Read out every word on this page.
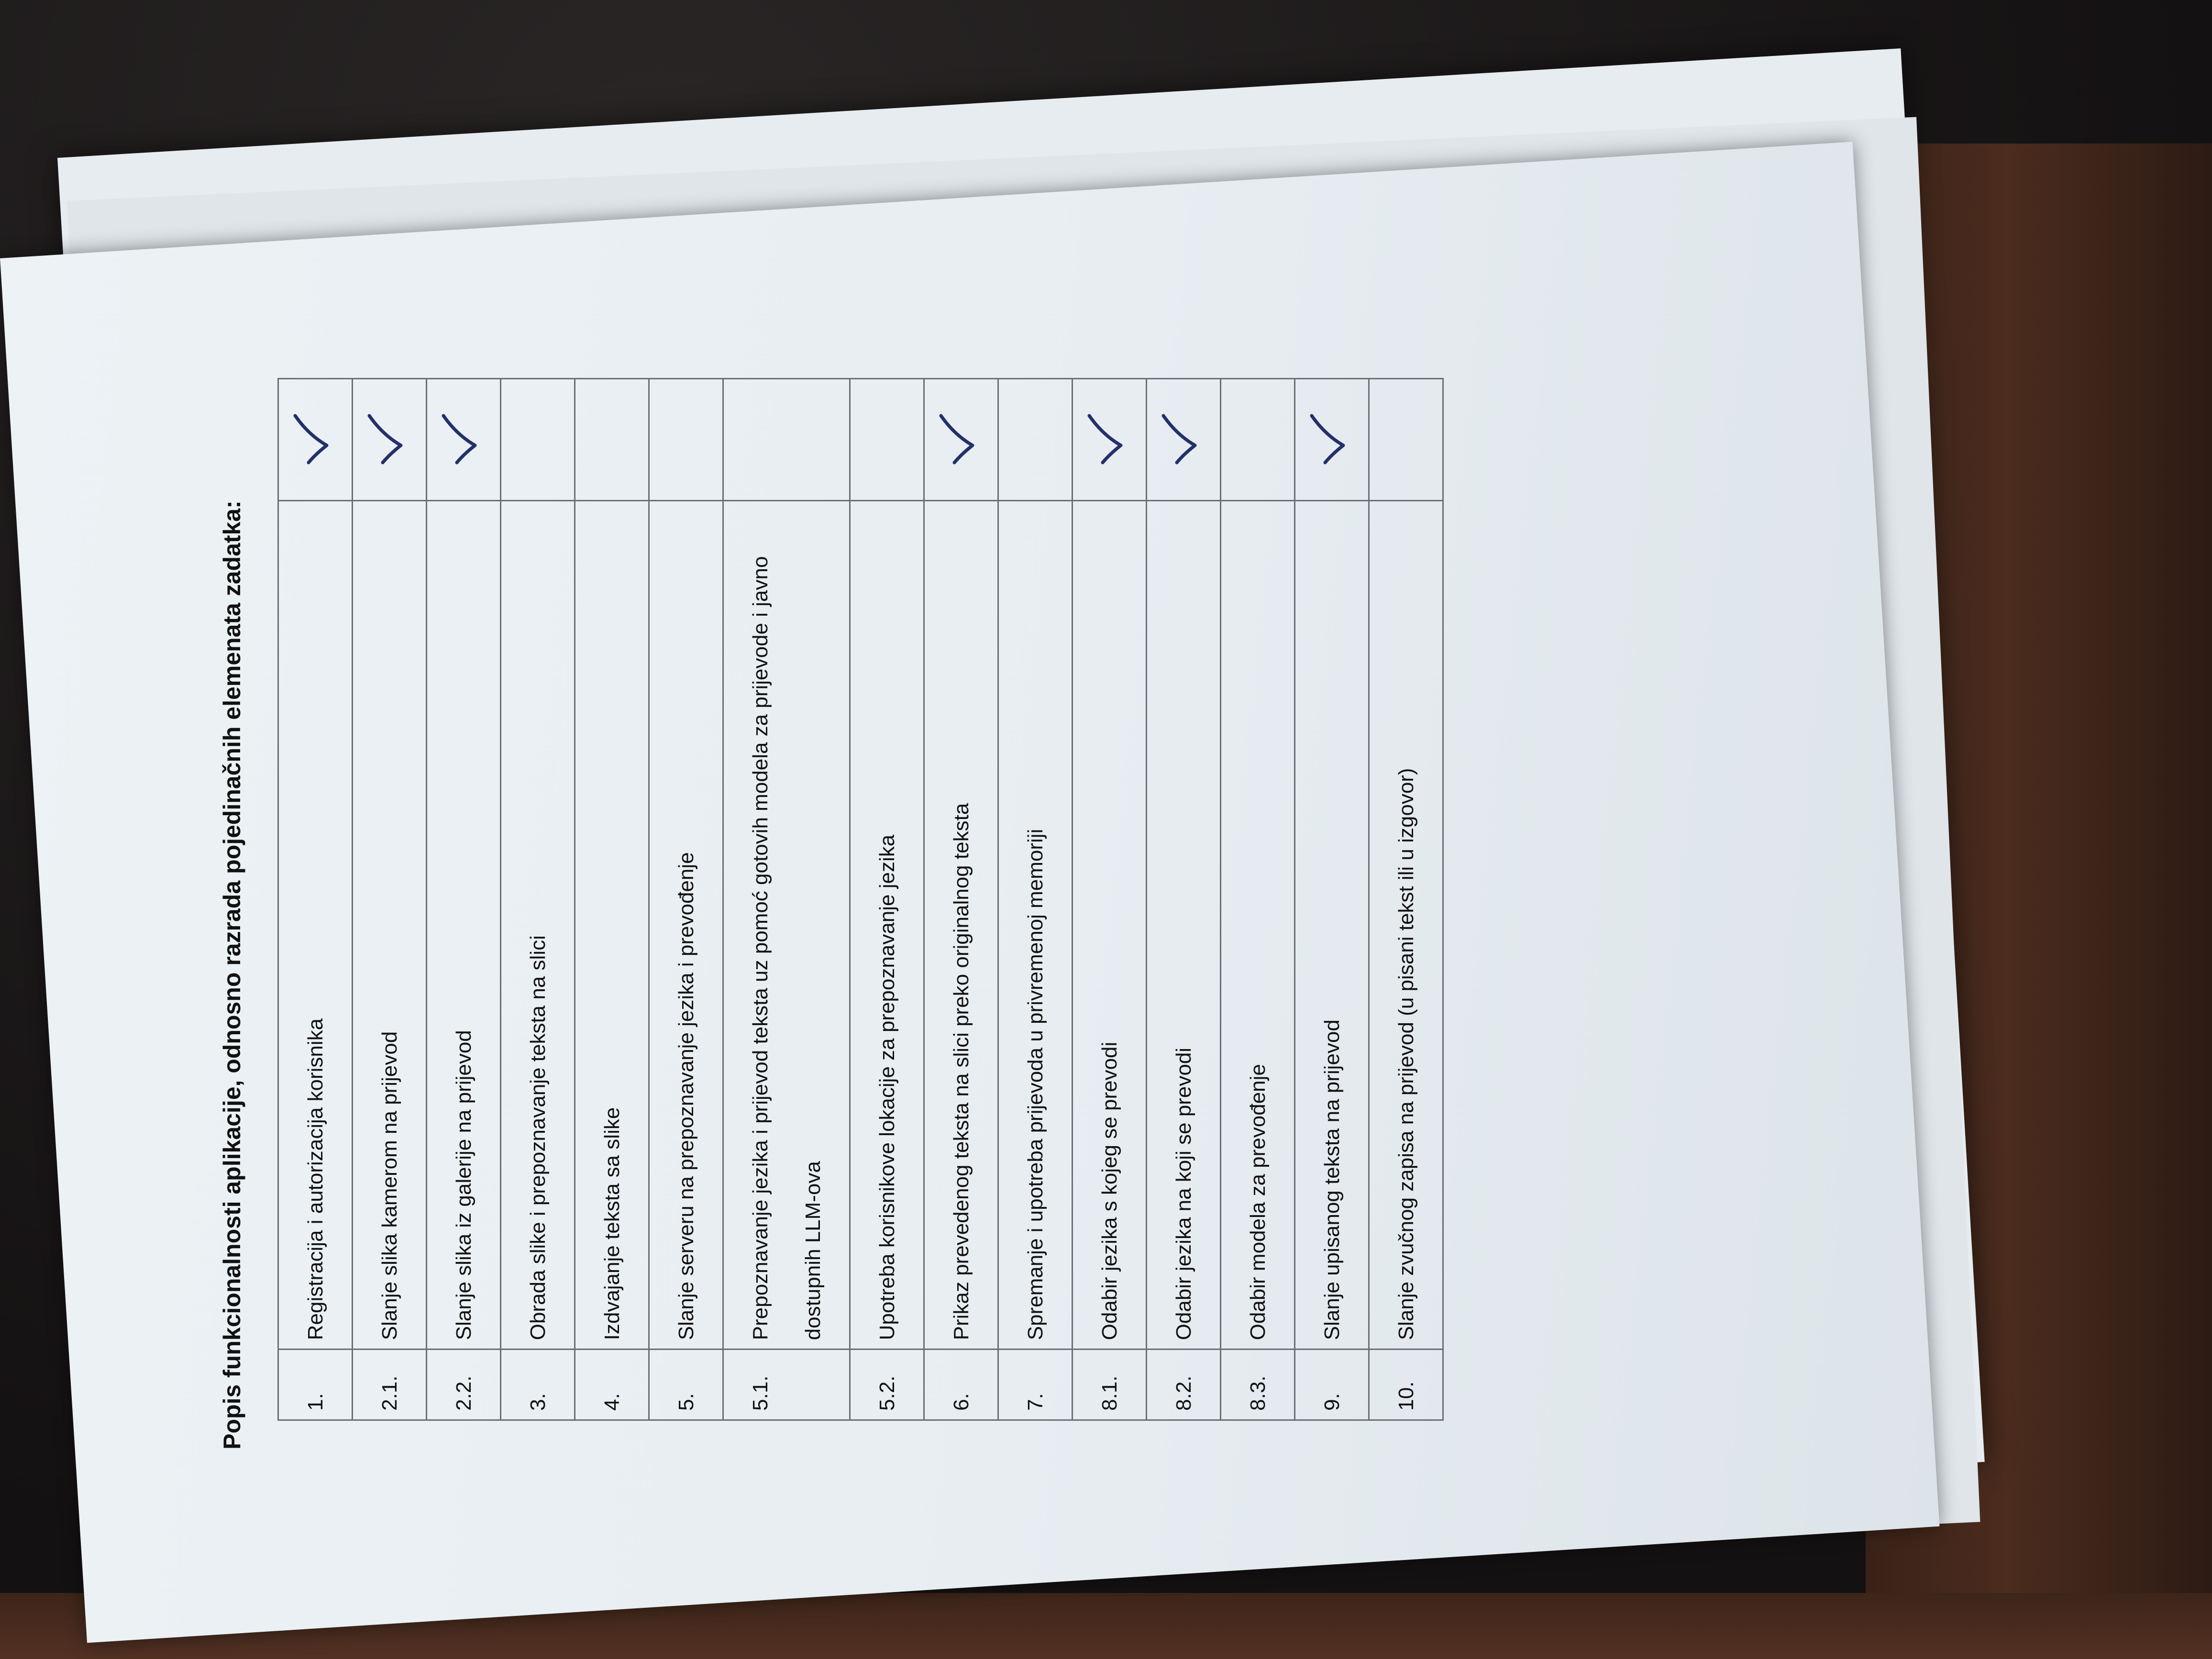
Popis funkcionalnosti aplikacije, odnosno razrada pojedinačnih elemenata zadatka:	1.	Registracija i autorizacija korisnika	

2.1.	Slanje slika kamerom na prijevod	

2.2.	Slanje slika iz galerije na prijevod	

3.	Obrada slike i prepoznavanje teksta na slici	
4.	Izdvajanje teksta sa slike	
5.	Slanje serveru na prepoznavanje jezika i prevođenje	
5.1.	Prepoznavanje jezika i prijevod teksta uz pomoć gotovih modela za prijevode i javno dostupnih LLM-ova	
5.2.	Upotreba korisnikove lokacije za prepoznavanje jezika	
6.	Prikaz prevedenog teksta na slici preko originalnog teksta	

7.	Spremanje i upotreba prijevoda u privremenoj memoriji	
8.1.	Odabir jezika s kojeg se prevodi	

8.2.	Odabir jezika na koji se prevodi	

8.3.	Odabir modela za prevođenje	
9.	Slanje upisanog teksta na prijevod	

10.	Slanje zvučnog zapisa na prijevod (u pisani tekst ili u izgovor)	
